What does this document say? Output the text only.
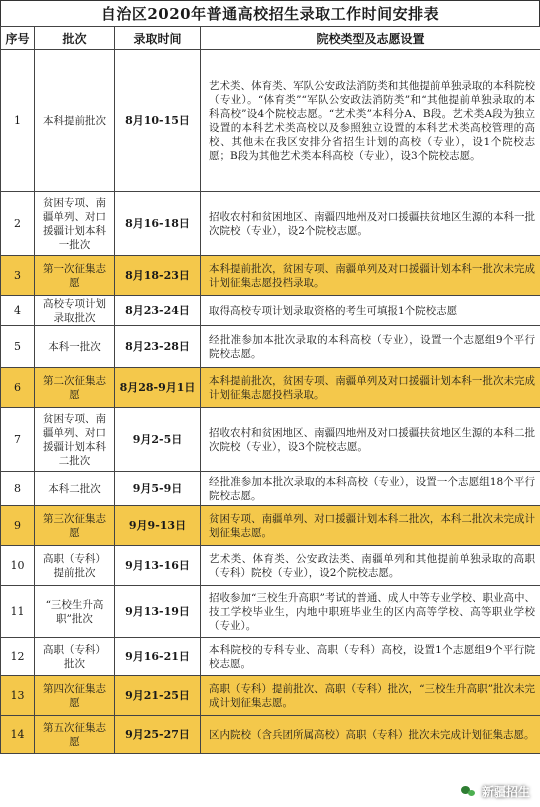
自治区2020年普通高校招生录取工作时间安排表
序号	批次	录取时间	院校类型及志愿设置
1	本科提前批次	8月10-15日	艺术类、体育类、军队公安政法消防类和其他提前单独录取的本科院校（专业）。“体育类”“军队公安政法消防类”和“其他提前单独录取的本科高校”设4个院校志愿。“艺术类”本科分A、B段。艺术类A段为独立设置的本科艺术类高校以及参照独立设置的本科艺术类高校管理的高校、其他未在我区安排分省招生计划的高校（专业），设1个院校志愿；B段为其他艺术类本科高校（专业），设3个院校志愿。
2	贫困专项、南疆单列、对口援疆计划本科一批次	8月16-18日	招收农村和贫困地区、南疆四地州及对口援疆扶贫地区生源的本科一批次院校（专业），设2个院校志愿。
3	第一次征集志愿	8月18-23日	本科提前批次，贫困专项、南疆单列及对口援疆计划本科一批次未完成计划征集志愿投档录取。
4	高校专项计划录取批次	8月23-24日	取得高校专项计划录取资格的考生可填报1个院校志愿
5	本科一批次	8月23-28日	经批准参加本批次录取的本科高校（专业），设置一个志愿组9个平行院校志愿。
6	第二次征集志愿	8月28-9月1日	本科提前批次，贫困专项、南疆单列及对口援疆计划本科一批次未完成计划征集志愿投档录取。
7	贫困专项、南疆单列、对口援疆计划本科二批次	9月2-5日	招收农村和贫困地区、南疆四地州及对口援疆扶贫地区生源的本科二批次院校（专业），设3个院校志愿。
8	本科二批次	9月5-9日	经批准参加本批次录取的本科高校（专业），设置一个志愿组18个平行院校志愿。
9	第三次征集志愿	9月9-13日	贫困专项、南疆单列、对口援疆计划本科二批次，本科二批次未完成计划征集志愿。
10	高职（专科）提前批次	9月13-16日	艺术类、体育类、公安政法类、南疆单列和其他提前单独录取的高职（专科）院校（专业），设2个院校志愿。
11	“三校生升高职”批次	9月13-19日	招收参加“三校生升高职”考试的普通、成人中等专业学校、职业高中、技工学校毕业生，内地中职班毕业生的区内高等学校、高等职业学校（专业）。
12	高职（专科）批次	9月16-21日	本科院校的专科专业、高职（专科）高校，设置1个志愿组9个平行院校志愿。
13	第四次征集志愿	9月21-25日	高职（专科）提前批次、高职（专科）批次，“三校生升高职”批次未完成计划征集志愿。
14	第五次征集志愿	9月25-27日	区内院校（含兵团所属高校）高职（专科）批次未完成计划征集志愿。
新疆招生
